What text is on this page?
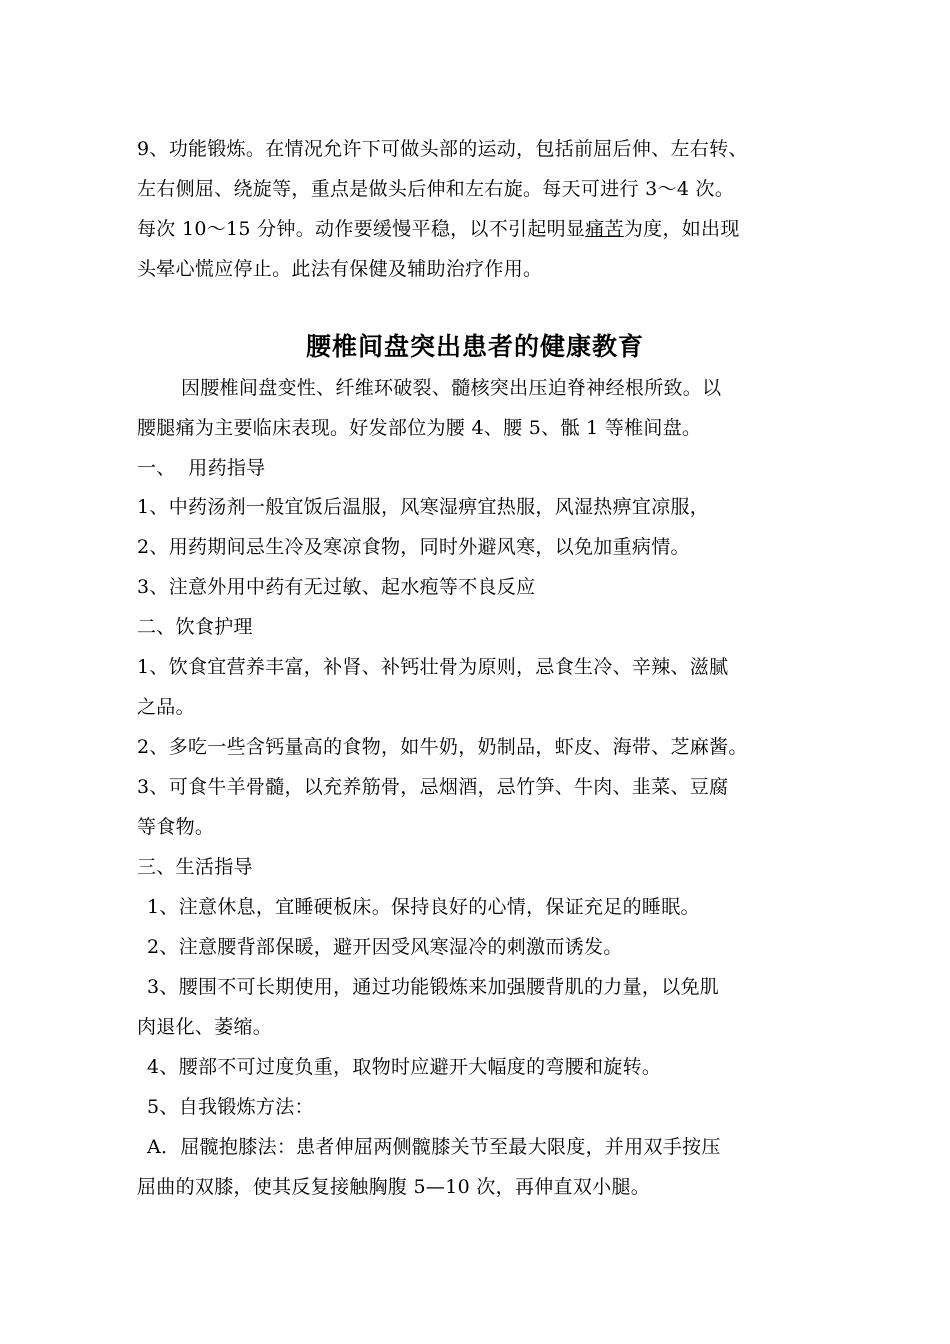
9、功能锻炼。在情况允许下可做头部的运动，包括前屈后伸、左右转、
左右侧屈、绕旋等，重点是做头后伸和左右旋。每天可进行 3～4 次。
每次 10～15 分钟。动作要缓慢平稳，以不引起明显痛苦为度，如出现
头晕心慌应停止。此法有保健及辅助治疗作用。
腰椎间盘突出患者的健康教育
因腰椎间盘变性、纤维环破裂、髓核突出压迫脊神经根所致。以
腰腿痛为主要临床表现。好发部位为腰 4、腰 5、骶 1 等椎间盘。
一、  用药指导
1、中药汤剂一般宜饭后温服，风寒湿痹宜热服，风湿热痹宜凉服，
2、用药期间忌生冷及寒凉食物，同时外避风寒，以免加重病情。
3、注意外用中药有无过敏、起水疱等不良反应
二、饮食护理
1、饮食宜营养丰富，补肾、补钙壮骨为原则，忌食生冷、辛辣、滋腻
之品。
2、多吃一些含钙量高的食物，如牛奶，奶制品，虾皮、海带、芝麻酱。
3、可食牛羊骨髓，以充养筋骨，忌烟酒，忌竹笋、牛肉、韭菜、豆腐
等食物。
三、生活指导
1、注意休息，宜睡硬板床。保持良好的心情，保证充足的睡眠。
2、注意腰背部保暖，避开因受风寒湿冷的刺激而诱发。
3、腰围不可长期使用，通过功能锻炼来加强腰背肌的力量，以免肌
肉退化、萎缩。
4、腰部不可过度负重，取物时应避开大幅度的弯腰和旋转。
5、自我锻炼方法：
A．屈髋抱膝法：患者伸屈两侧髋膝关节至最大限度，并用双手按压
屈曲的双膝，使其反复接触胸腹 5—10 次，再伸直双小腿。
